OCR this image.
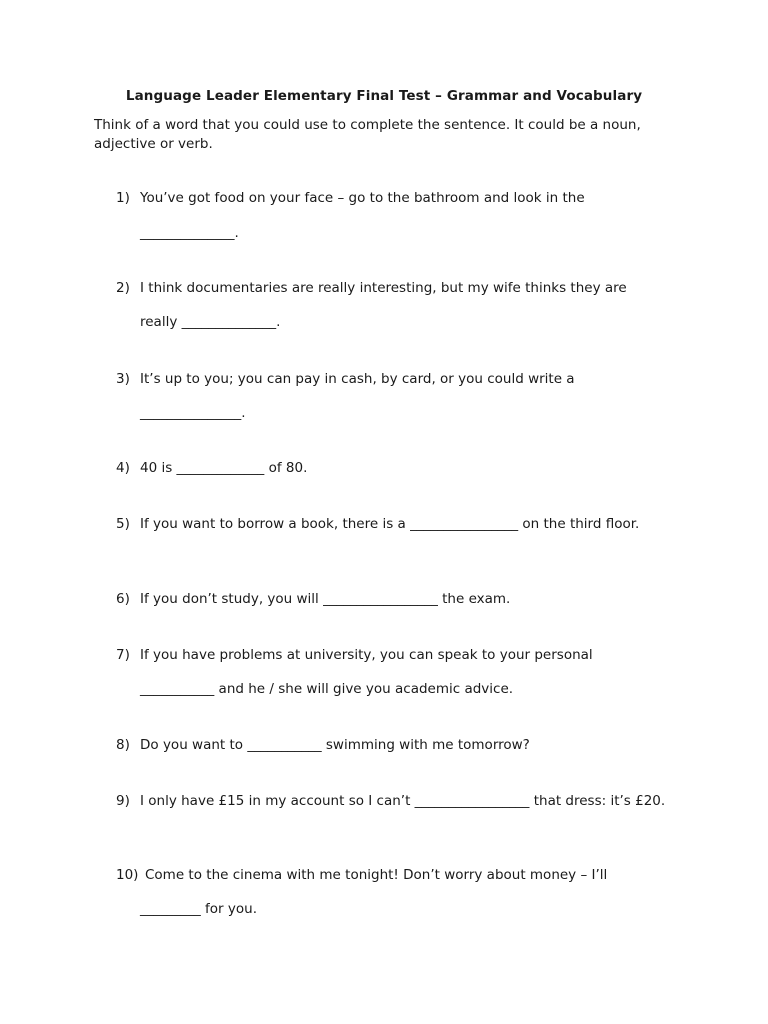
Language Leader Elementary Final Test – Grammar and Vocabulary
Think of a word that you could use to complete the sentence. It could be a noun, adjective or verb.
1) You’ve got food on your face – go to the bathroom and look in the
______________.
2) I think documentaries are really interesting, but my wife thinks they are
really ______________.
3) It’s up to you; you can pay in cash, by card, or you could write a
_______________.
4) 40 is _____________ of 80.
5) If you want to borrow a book, there is a ________________ on the third floor.
6) If you don’t study, you will _________________ the exam.
7) If you have problems at university, you can speak to your personal
___________ and he / she will give you academic advice.
8) Do you want to ___________ swimming with me tomorrow?
9) I only have £15 in my account so I can’t _________________ that dress: it’s £20.
10) Come to the cinema with me tonight! Don’t worry about money – I’ll
_________ for you.
